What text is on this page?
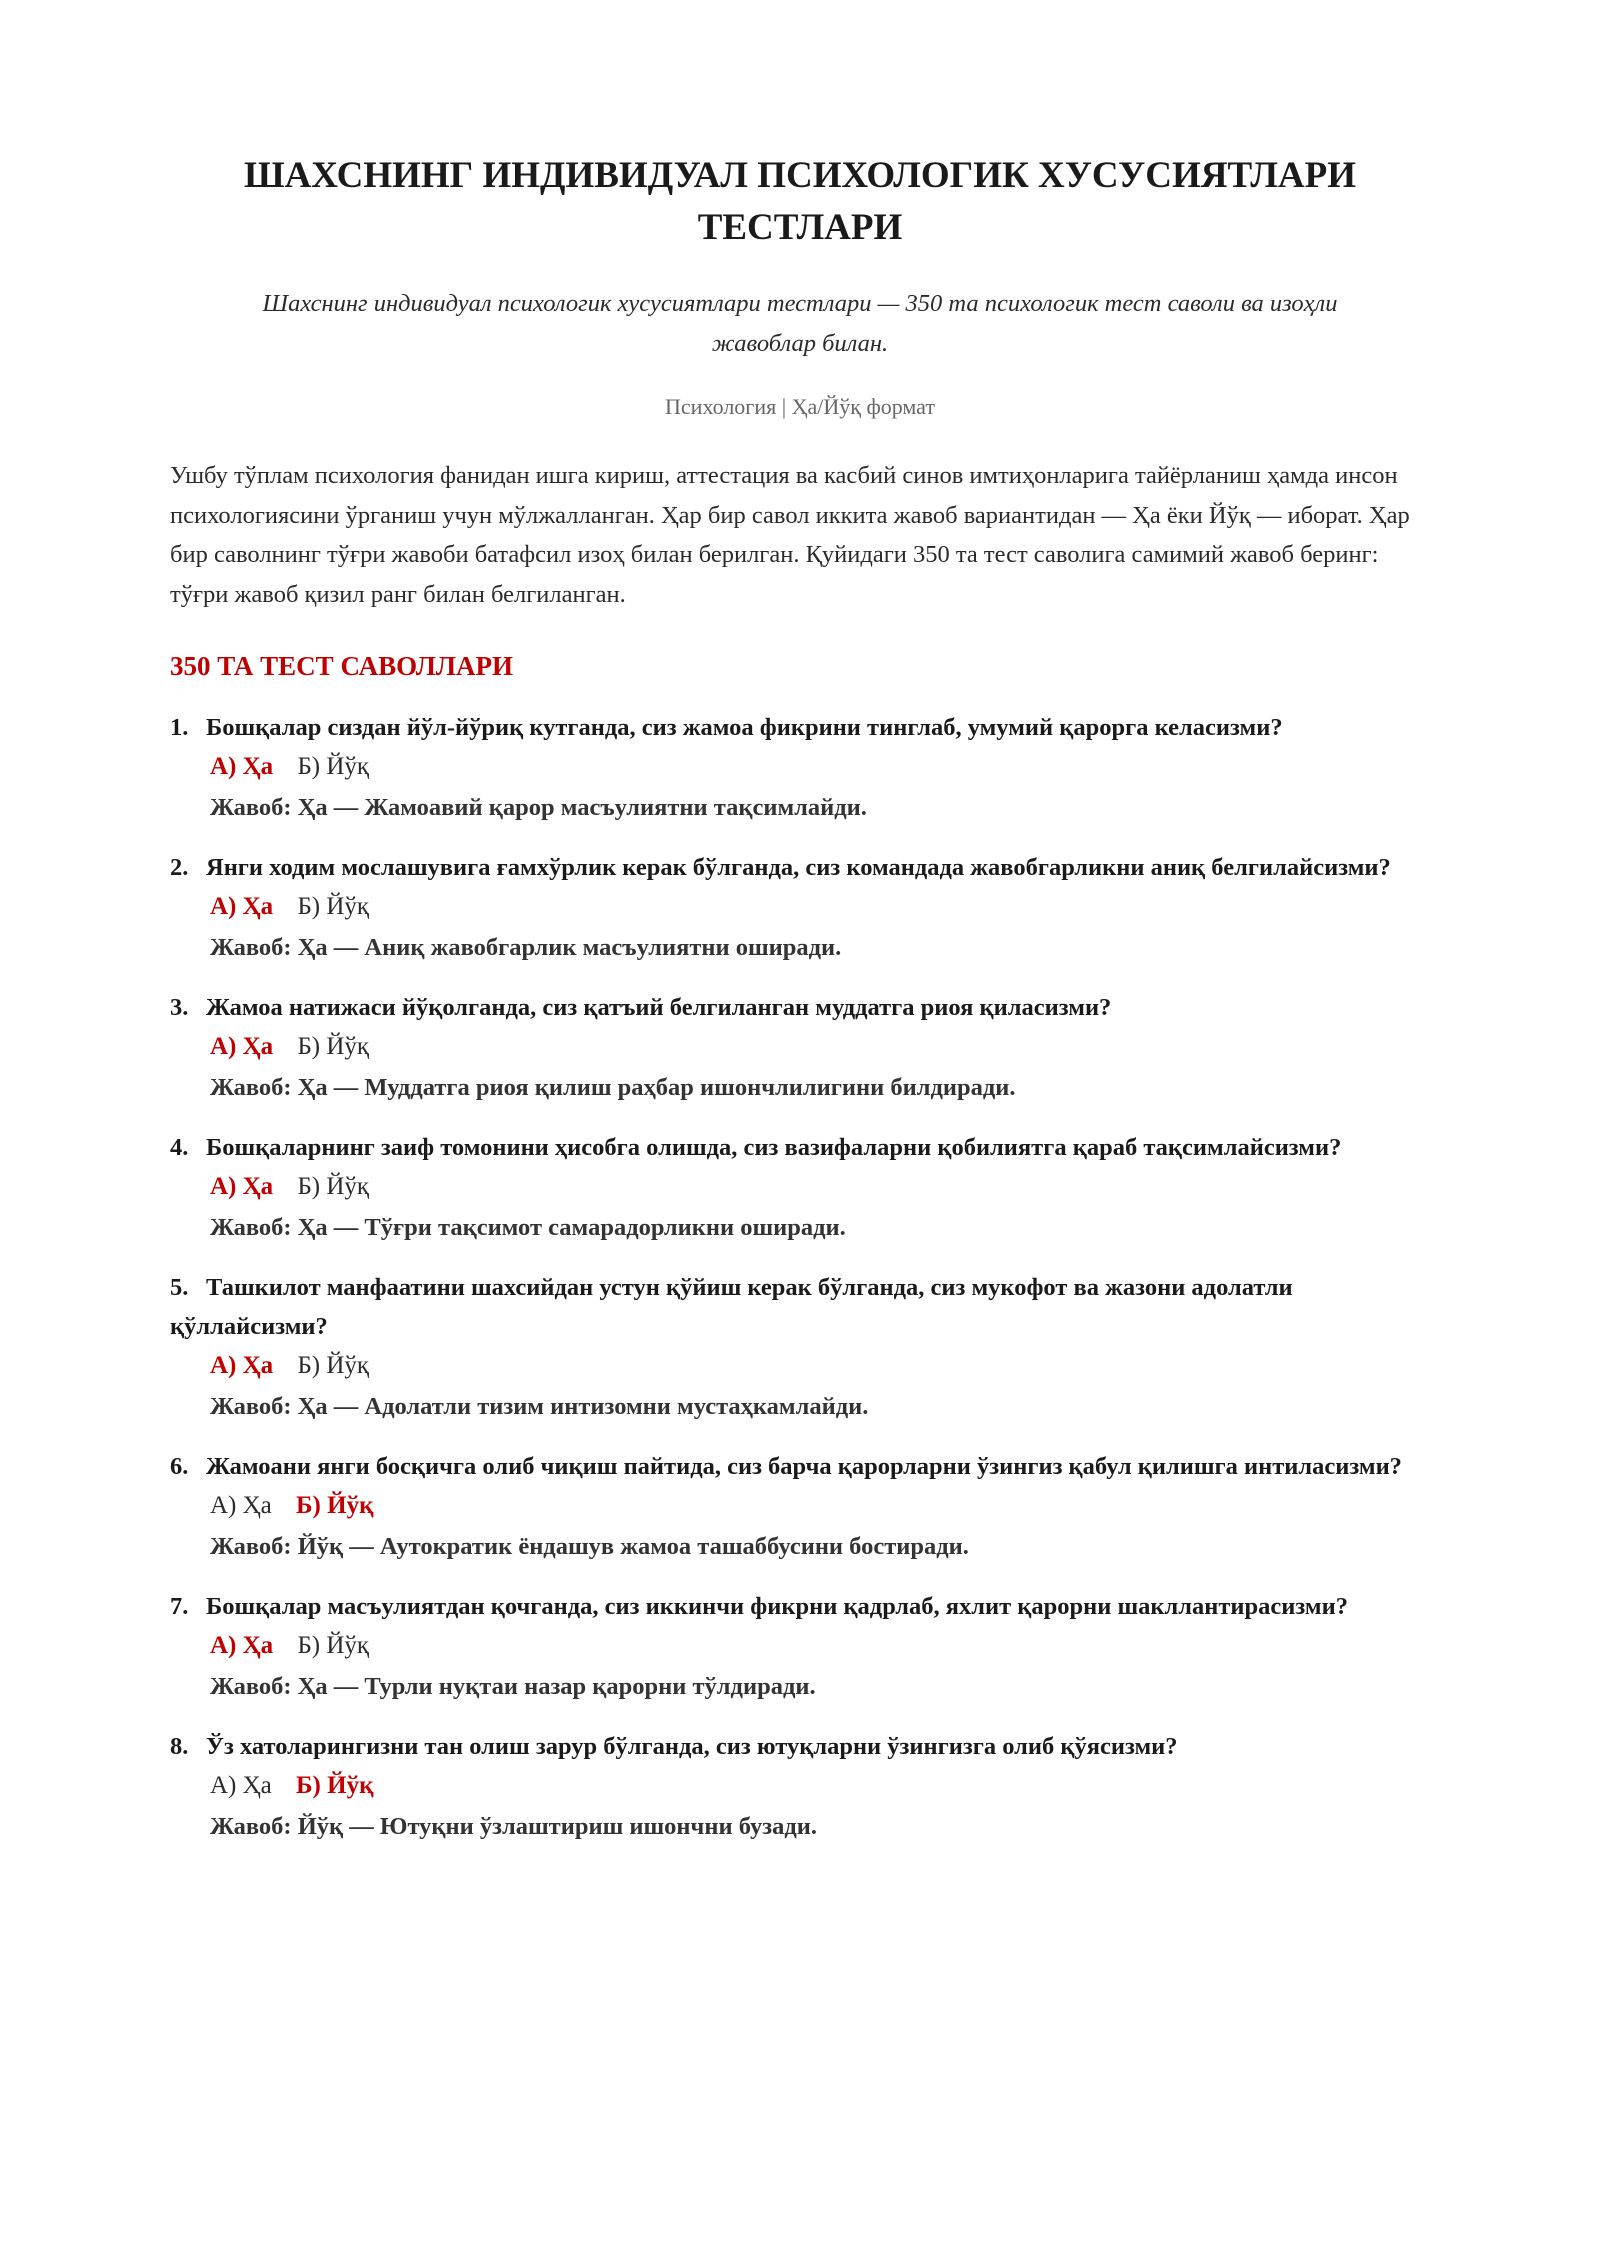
ШАХСНИНГ ИНДИВИДУАЛ ПСИХОЛОГИК ХУСУСИЯТЛАРИ ТЕСТЛАРИ

Шахснинг индивидуал психологик хусусиятлари тестлари — 350 та психологик тест саволи ва изоҳли жавоблар билан.

Психология | Ҳа/Йўқ формат

Ушбу тўплам психология фанидан ишга кириш, аттестация ва касбий синов имтиҳонларига тайёрланиш ҳамда инсон психологиясини ўрганиш учун мўлжалланган. Ҳар бир савол иккита жавоб вариантидан — Ҳа ёки Йўқ — иборат. Ҳар бир саволнинг тўғри жавоби батафсил изоҳ билан берилган. Қуйидаги 350 та тест саволига самимий жавоб беринг: тўғри жавоб қизил ранг билан белгиланган.

350 ТА ТЕСТ САВОЛЛАРИ

1. Бошқалар сиздан йўл-йўриқ кутганда, сиз жамоа фикрини тинглаб, умумий қарорга келасизми?

А) Ҳа Б) Йўқ
Жавоб: Ҳа — Жамоавий қарор масъулиятни тақсимлайди.

2. Янги ходим мослашувига ғамхўрлик керак бўлганда, сиз командада жавобгарликни аниқ белгилайсизми?

А) Ҳа Б) Йўқ
Жавоб: Ҳа — Аниқ жавобгарлик масъулиятни оширади.

3. Жамоа натижаси йўқолганда, сиз қатъий белгиланган муддатга риоя қиласизми?

А) Ҳа Б) Йўқ
Жавоб: Ҳа — Муддатга риоя қилиш раҳбар ишончлилигини билдиради.

4. Бошқаларнинг заиф томонини ҳисобга олишда, сиз вазифаларни қобилиятга қараб тақсимлайсизми?

А) Ҳа Б) Йўқ
Жавоб: Ҳа — Тўғри тақсимот самарадорликни оширади.

5. Ташкилот манфаатини шахсийдан устун қўйиш керак бўлганда, сиз мукофот ва жазони адолатли қўллайсизми?

А) Ҳа Б) Йўқ
Жавоб: Ҳа — Адолатли тизим интизомни мустаҳкамлайди.

6. Жамоани янги босқичга олиб чиқиш пайтида, сиз барча қарорларни ўзингиз қабул қилишга интиласизми?

А) Ҳа Б) Йўқ
Жавоб: Йўқ — Аутократик ёндашув жамоа ташаббусини бостиради.

7. Бошқалар масъулиятдан қочганда, сиз иккинчи фикрни қадрлаб, яхлит қарорни шакллантирасизми?

А) Ҳа Б) Йўқ
Жавоб: Ҳа — Турли нуқтаи назар қарорни тўлдиради.

8. Ўз хатоларингизни тан олиш зарур бўлганда, сиз ютуқларни ўзингизга олиб қўясизми?

А) Ҳа Б) Йўқ
Жавоб: Йўқ — Ютуқни ўзлаштириш ишончни бузади.
